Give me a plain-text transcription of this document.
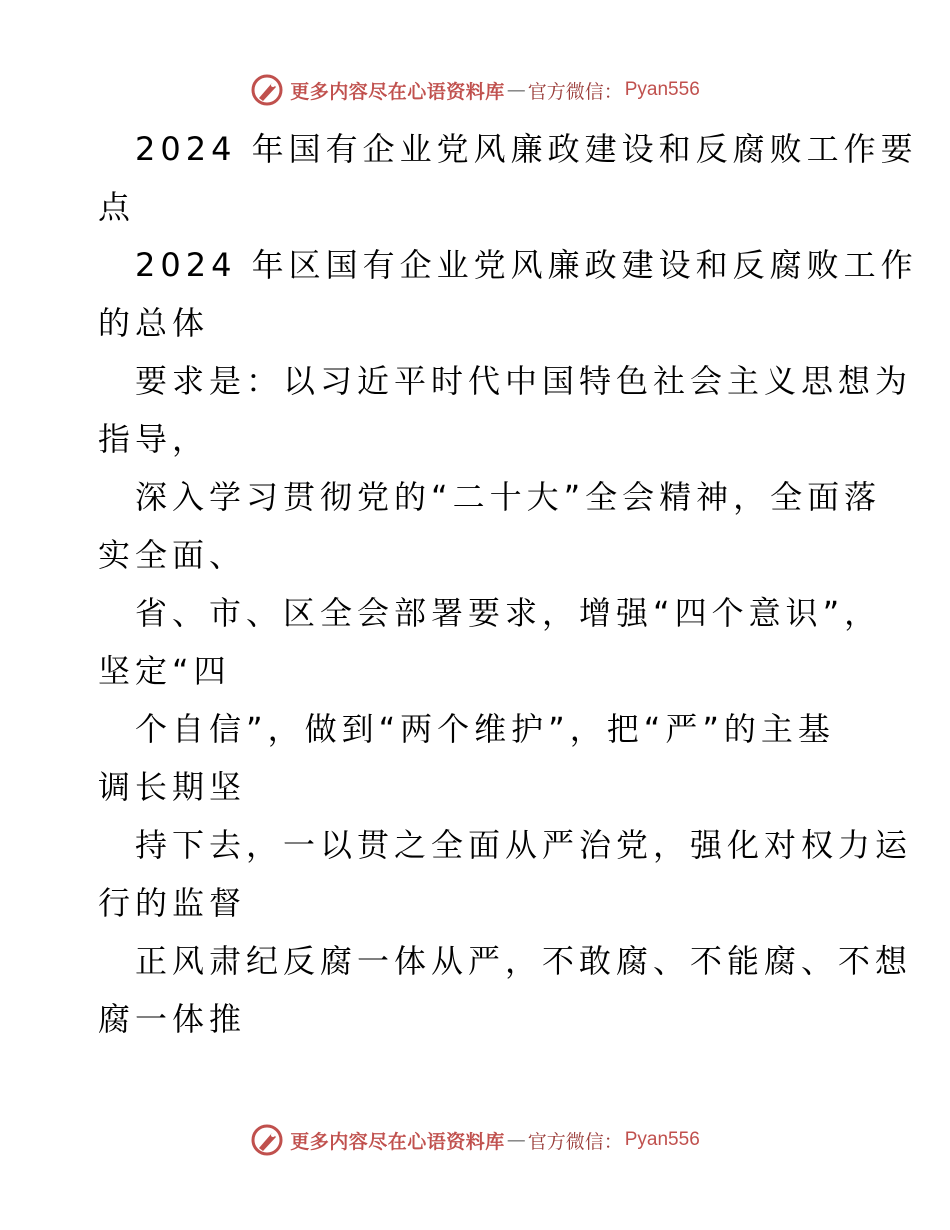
更多内容尽在心语资料库 — 官方微信： Pyan556
2024 年国有企业党风廉政建设和反腐败工作要
点
2024 年区国有企业党风廉政建设和反腐败工作
的总体
要求是：以习近平时代中国特色社会主义思想为
指导，
深入学习贯彻党的“二十大”全会精神，全面落
实全面、
省、市、区全会部署要求，增强“四个意识”，
坚定“四
个自信”，做到“两个维护”，把“严”的主基
调长期坚
持下去，一以贯之全面从严治党，强化对权力运
行的监督
正风肃纪反腐一体从严，不敢腐、不能腐、不想
腐一体推
更多内容尽在心语资料库 — 官方微信： Pyan556
